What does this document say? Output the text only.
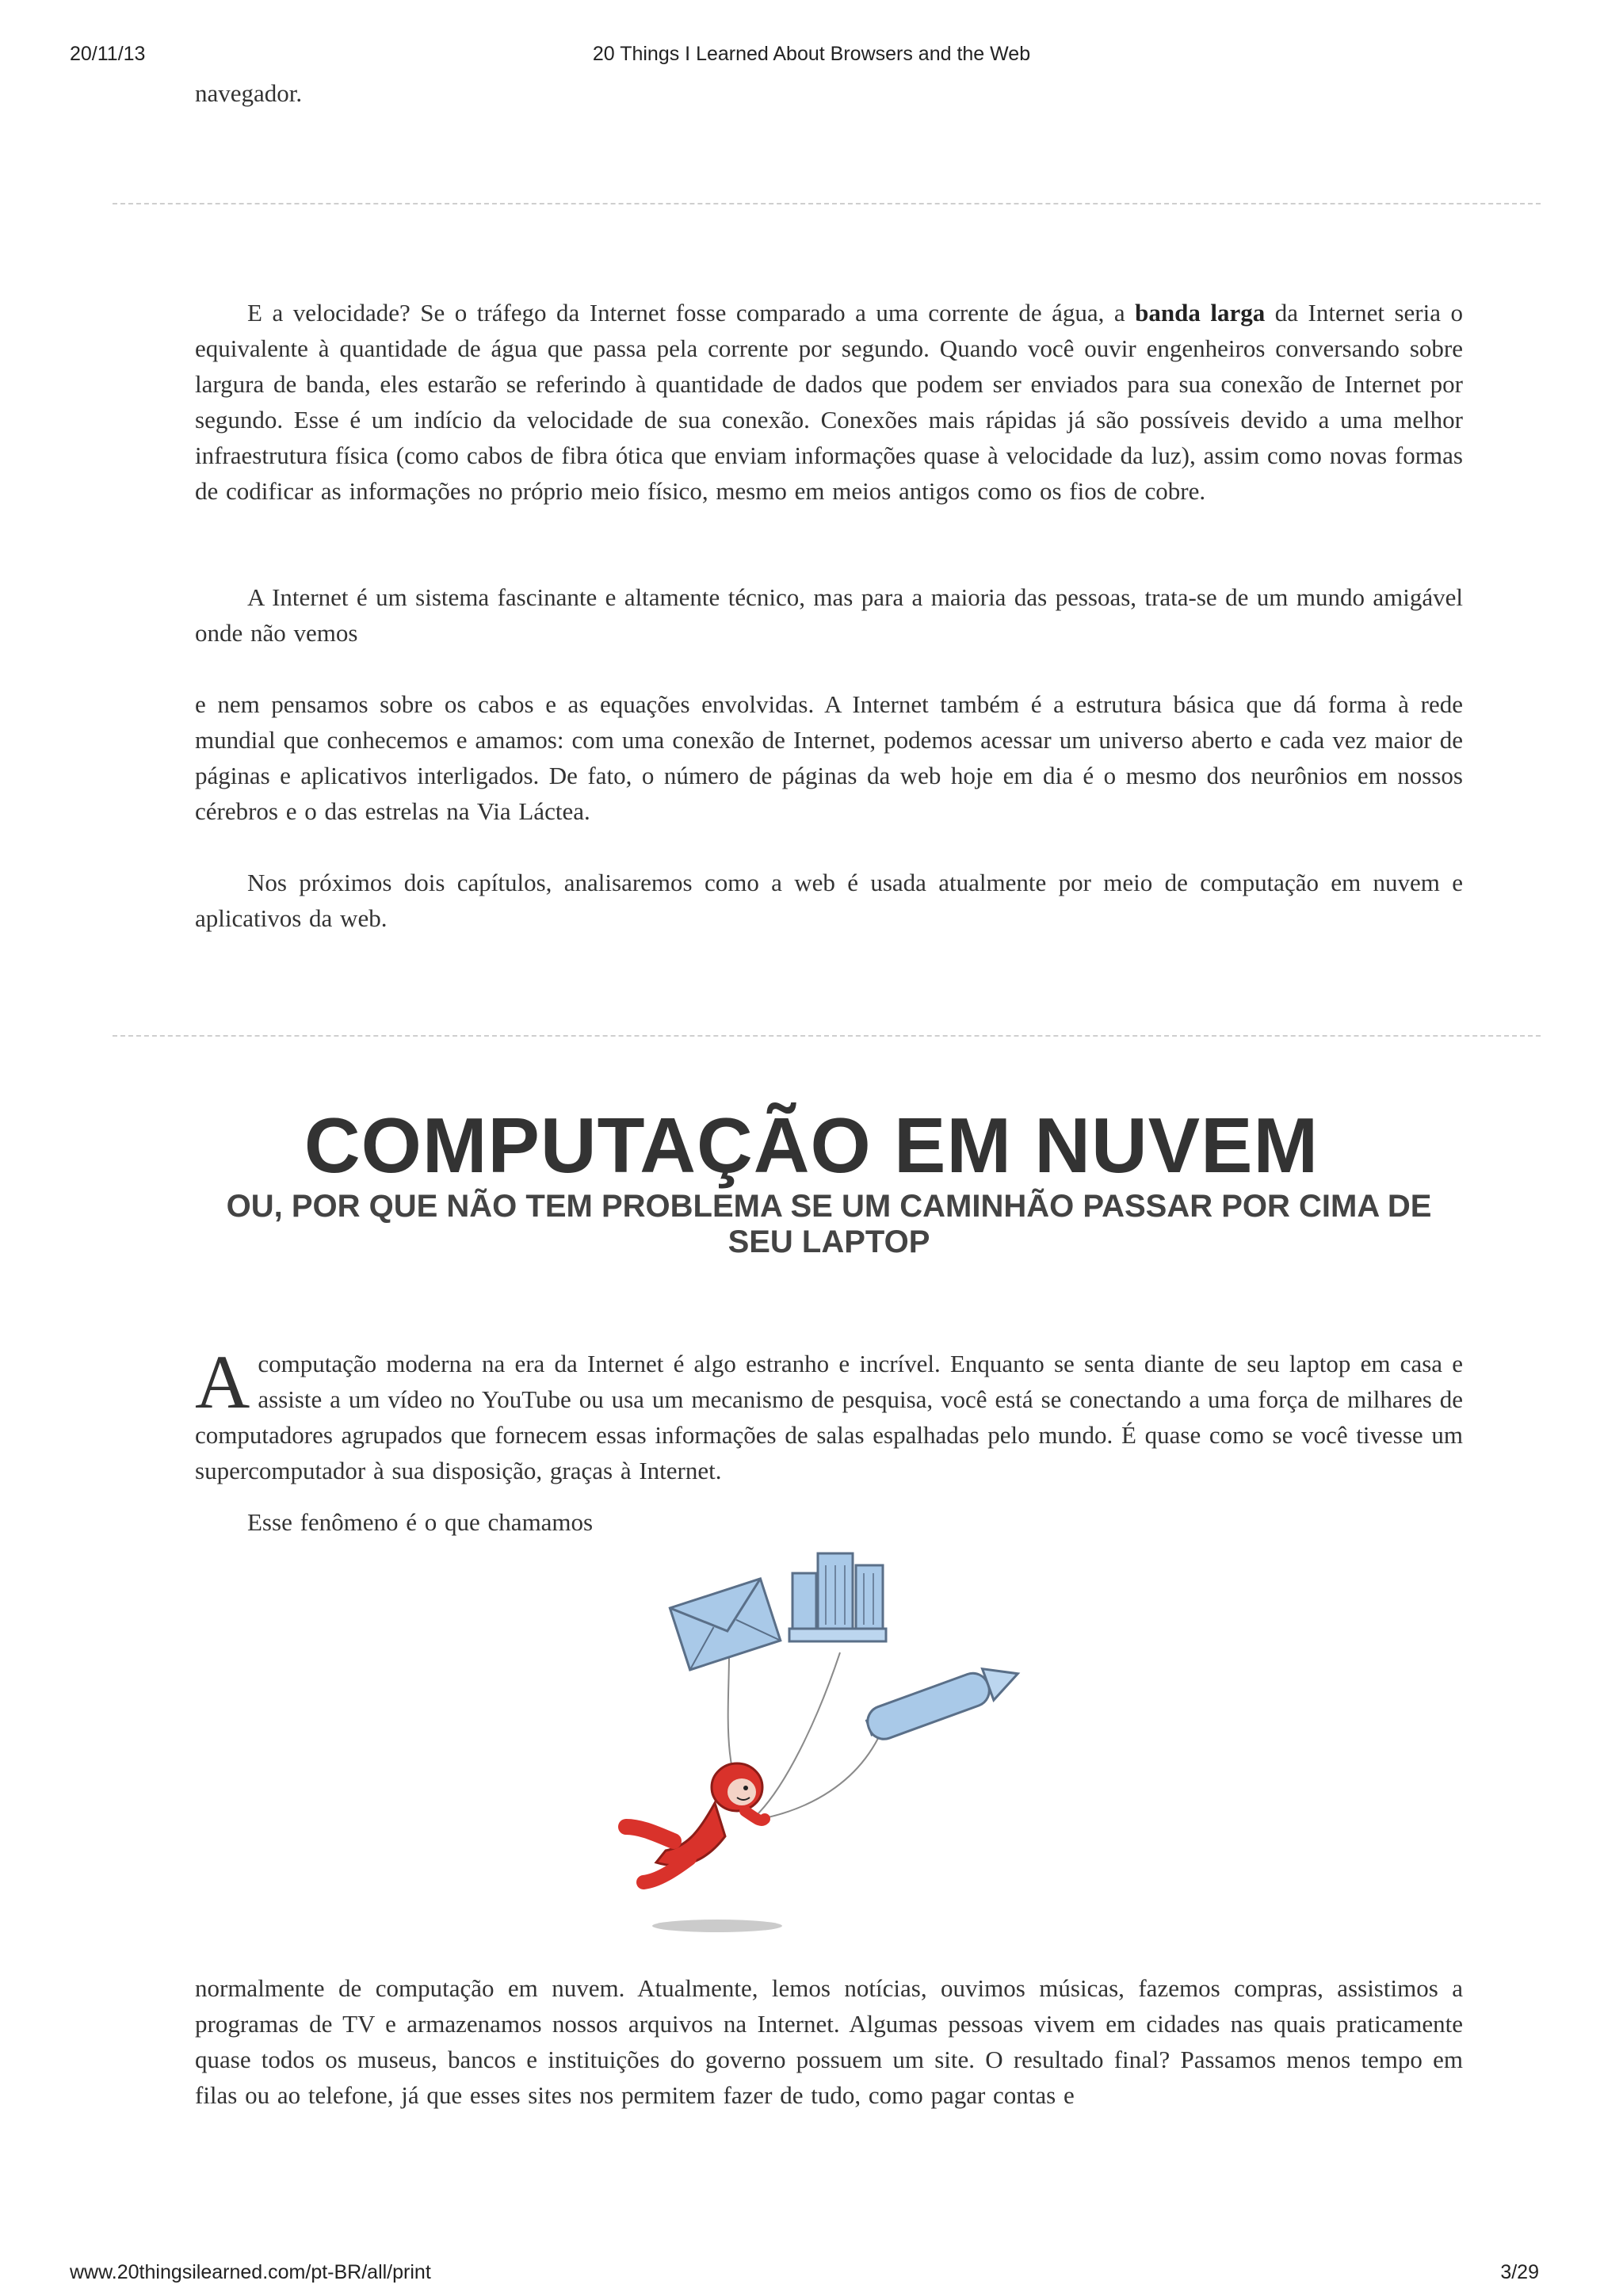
20/11/13	20 Things I Learned About Browsers and the Web

navegador.

E a velocidade? Se o tráfego da Internet fosse comparado a uma corrente de água, a banda larga da Internet seria o equivalente à quantidade de água que passa pela corrente por segundo. Quando você ouvir engenheiros conversando sobre largura de banda, eles estarão se referindo à quantidade de dados que podem ser enviados para sua conexão de Internet por segundo. Esse é um indício da velocidade de sua conexão. Conexões mais rápidas já são possíveis devido a uma melhor infraestrutura física (como cabos de fibra ótica que enviam informações quase à velocidade da luz), assim como novas formas de codificar as informações no próprio meio físico, mesmo em meios antigos como os fios de cobre.

A Internet é um sistema fascinante e altamente técnico, mas para a maioria das pessoas, trata-se de um mundo amigável onde não vemos

e nem pensamos sobre os cabos e as equações envolvidas. A Internet também é a estrutura básica que dá forma à rede mundial que conhecemos e amamos: com uma conexão de Internet, podemos acessar um universo aberto e cada vez maior de páginas e aplicativos interligados. De fato, o número de páginas da web hoje em dia é o mesmo dos neurônios em nossos cérebros e o das estrelas na Via Láctea.

Nos próximos dois capítulos, analisaremos como a web é usada atualmente por meio de computação em nuvem e aplicativos da web.

COMPUTAÇÃO EM NUVEM
OU, POR QUE NÃO TEM PROBLEMA SE UM CAMINHÃO PASSAR POR CIMA DE SEU LAPTOP

Acomputação moderna na era da Internet é algo estranho e incrível. Enquanto se senta diante de seu laptop em casa e assiste a um vídeo no YouTube ou usa um mecanismo de pesquisa, você está se conectando a uma força de milhares de computadores agrupados que fornecem essas informações de salas espalhadas pelo mundo. É quase como se você tivesse um supercomputador à sua disposição, graças à Internet.

Esse fenômeno é o que chamamos

normalmente de computação em nuvem. Atualmente, lemos notícias, ouvimos músicas, fazemos compras, assistimos a programas de TV e armazenamos nossos arquivos na Internet. Algumas pessoas vivem em cidades nas quais praticamente quase todos os museus, bancos e instituições do governo possuem um site. O resultado final? Passamos menos tempo em filas ou ao telefone, já que esses sites nos permitem fazer de tudo, como pagar contas e

www.20thingsilearned.com/pt-BR/all/print	3/29
